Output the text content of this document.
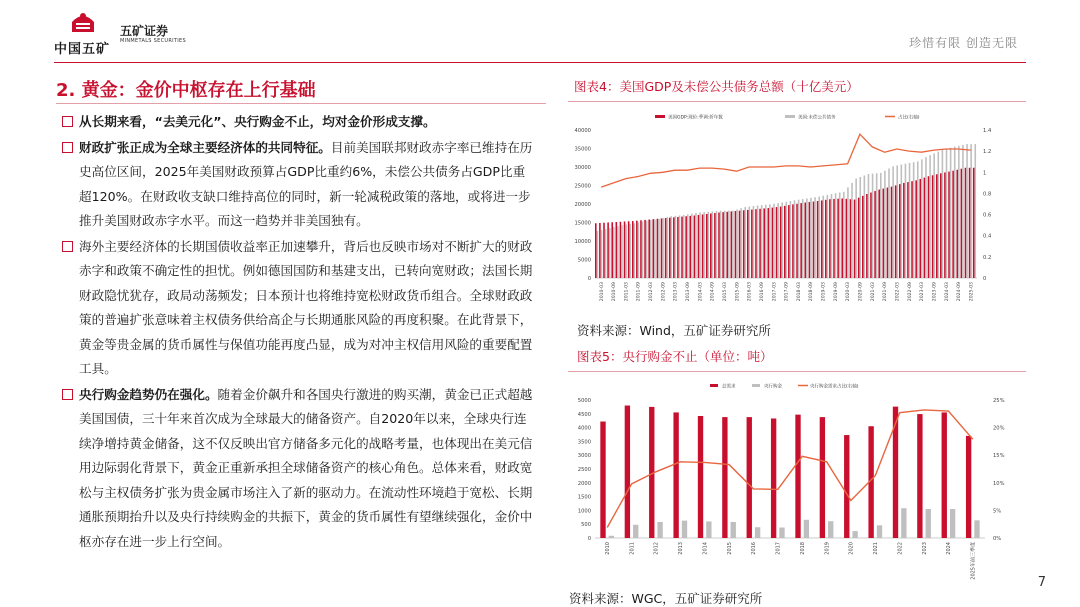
中国五矿
五矿证券
MINMETALS SECURITIES	珍惜有限 创造无限
2. 黄金：金价中枢存在上行基础
从长期来看，“去美元化”、央行购金不止，均对金价形成支撑。
财政扩张正成为全球主要经济体的共同特征。目前美国联邦财政赤字率已维持在历史高位区间，2025年美国财政预算占GDP比重约6%，未偿公共债务占GDP比重超120%。在财政收支缺口维持高位的同时，新一轮减税政策的落地，或将进一步推升美国财政赤字水平。而这一趋势并非美国独有。
海外主要经济体的长期国债收益率正加速攀升，背后也反映市场对不断扩大的财政赤字和政策不确定性的担忧。例如德国国防和基建支出，已转向宽财政；法国长期财政隐忧犹存，政局动荡频发；日本预计也将维持宽松财政货币组合。全球财政政策的普遍扩张意味着主权债务供给高企与长期通胀风险的再度积聚。在此背景下，黄金等贵金属的货币属性与保值功能再度凸显，成为对冲主权信用风险的重要配置工具。
央行购金趋势仍在强化。随着金价飙升和各国央行激进的购买潮，黄金已正式超越美国国债，三十年来首次成为全球最大的储备资产。自2020年以来，全球央行连续净增持黄金储备，这不仅反映出官方储备多元化的战略考量，也体现出在美元信用边际弱化背景下，黄金正重新承担全球储备资产的核心角色。总体来看，财政宽松与主权债务扩张为贵金属市场注入了新的驱动力。在流动性环境趋于宽松、长期通胀预期抬升以及央行持续购金的共振下，黄金的货币属性有望继续强化，金价中枢亦存在进一步上行空间。
图表4：美国GDP及未偿公共债务总额（十亿美元）
美国GDP:现价:季调:折年数	美国:未偿公共债务	占比(右轴)
0
5000
10000
15000
20000
25000
30000
35000
40000
0
0.2
0.4
0.6
0.8
1
1.2
1.4
2010-03 2010-09 2011-03 2011-09 2012-03 2012-09 2013-03 2013-09 2014-03 2014-09 2015-03 2015-09 2016-03 2016-09 2017-03 2017-09 2018-03 2018-09 2019-03 2019-09 2020-03 2020-09 2021-03 2021-09 2022-03 2022-09 2023-03 2023-09 2024-03 2024-09 2025-03
资料来源：Wind，五矿证券研究所
图表5：央行购金不止（单位：吨）
总需求	央行购金	央行购金需求占比(右轴)
0
500
1000
1500
2000
2500
3000
3500
4000
4500
5000
0%
5%
10%
15%
20%
25%
2010	2011	2012	2013	2014	2015	2016	2017	2018	2019	2020	2021	2022	2023	2024	2025年前三季度
资料来源：WGC，五矿证券研究所
7
